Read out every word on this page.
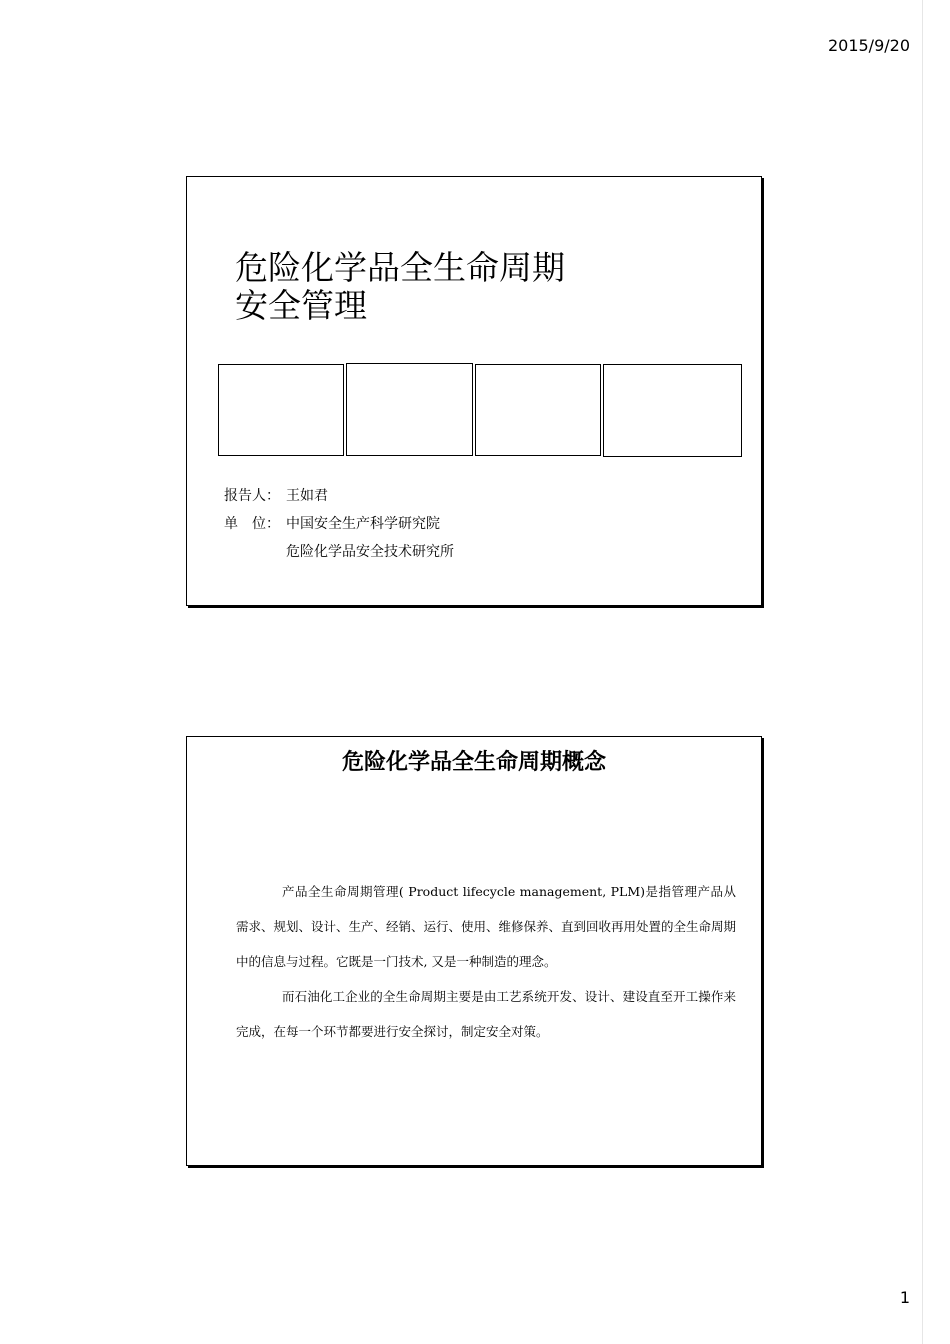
2015/9/20
危险化学品全生命周期
安全管理
报告人： 王如君
单　位： 中国安全生产科学研究院
危险化学品安全技术研究所
危险化学品全生命周期概念

产品全生命周期管理( Product lifecycle management, PLM)是指管理产品从需求、规划、设计、生产、经销、运行、使用、维修保养、直到回收再用处置的全生命周期中的信息与过程。它既是一门技术, 又是一种制造的理念。

而石油化工企业的全生命周期主要是由工艺系统开发、设计、建设直至开工操作来完成，在每一个环节都要进行安全探讨，制定安全对策。

1
